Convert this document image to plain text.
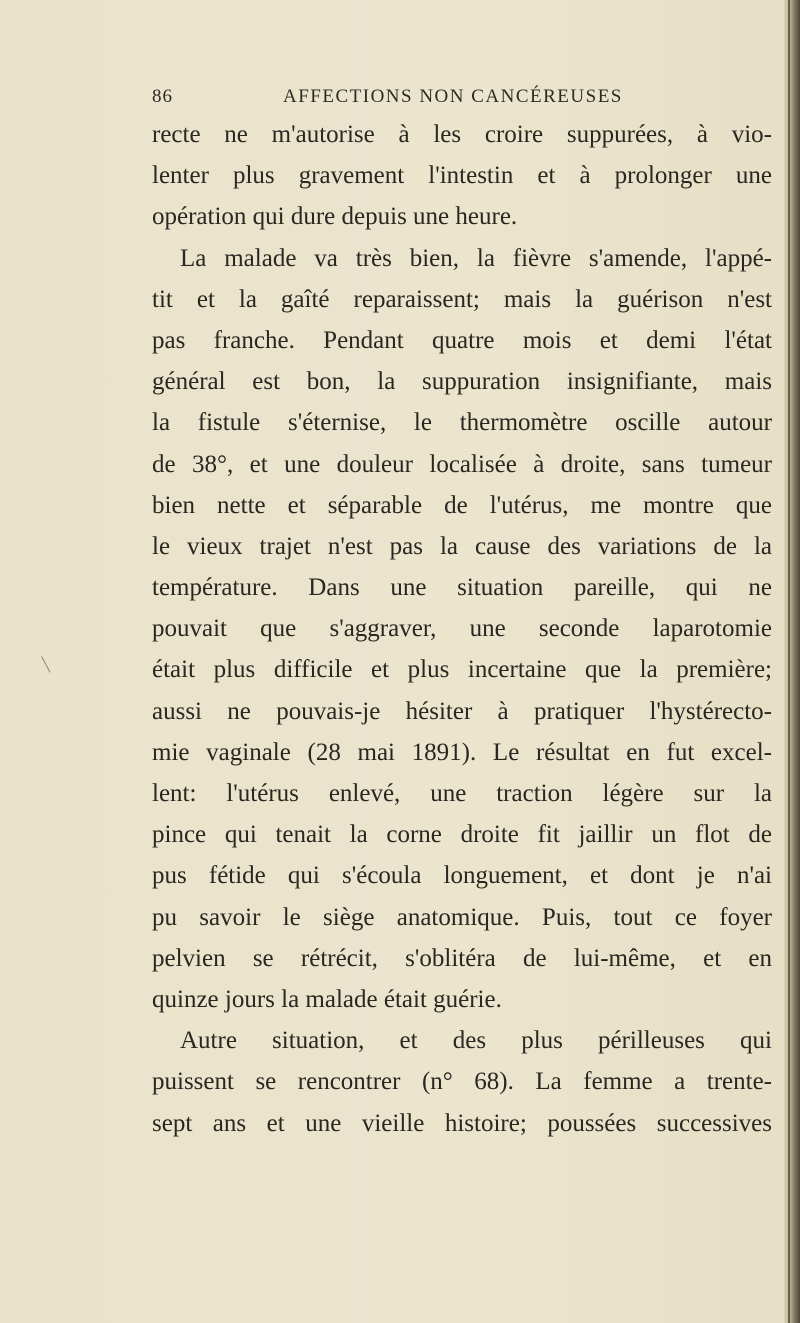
86	AFFECTIONS NON CANCÉREUSES
recte ne m'autorise à les croire suppurées, à vio-
lenter plus gravement l'intestin et à prolonger une
opération qui dure depuis une heure.
La malade va très bien, la fièvre s'amende, l'appé-
tit et la gaîté reparaissent; mais la guérison n'est
pas franche. Pendant quatre mois et demi l'état
général est bon, la suppuration insignifiante, mais
la fistule s'éternise, le thermomètre oscille autour
de 38°, et une douleur localisée à droite, sans tumeur
bien nette et séparable de l'utérus, me montre que
le vieux trajet n'est pas la cause des variations de la
température. Dans une situation pareille, qui ne
pouvait que s'aggraver, une seconde laparotomie
était plus difficile et plus incertaine que la première;
aussi ne pouvais-je hésiter à pratiquer l'hystérecto-
mie vaginale (28 mai 1891). Le résultat en fut excel-
lent: l'utérus enlevé, une traction légère sur la
pince qui tenait la corne droite fit jaillir un flot de
pus fétide qui s'écoula longuement, et dont je n'ai
pu savoir le siège anatomique. Puis, tout ce foyer
pelvien se rétrécit, s'oblitéra de lui-même, et en
quinze jours la malade était guérie.
Autre situation, et des plus périlleuses qui
puissent se rencontrer (n° 68). La femme a trente-
sept ans et une vieille histoire; poussées successives
